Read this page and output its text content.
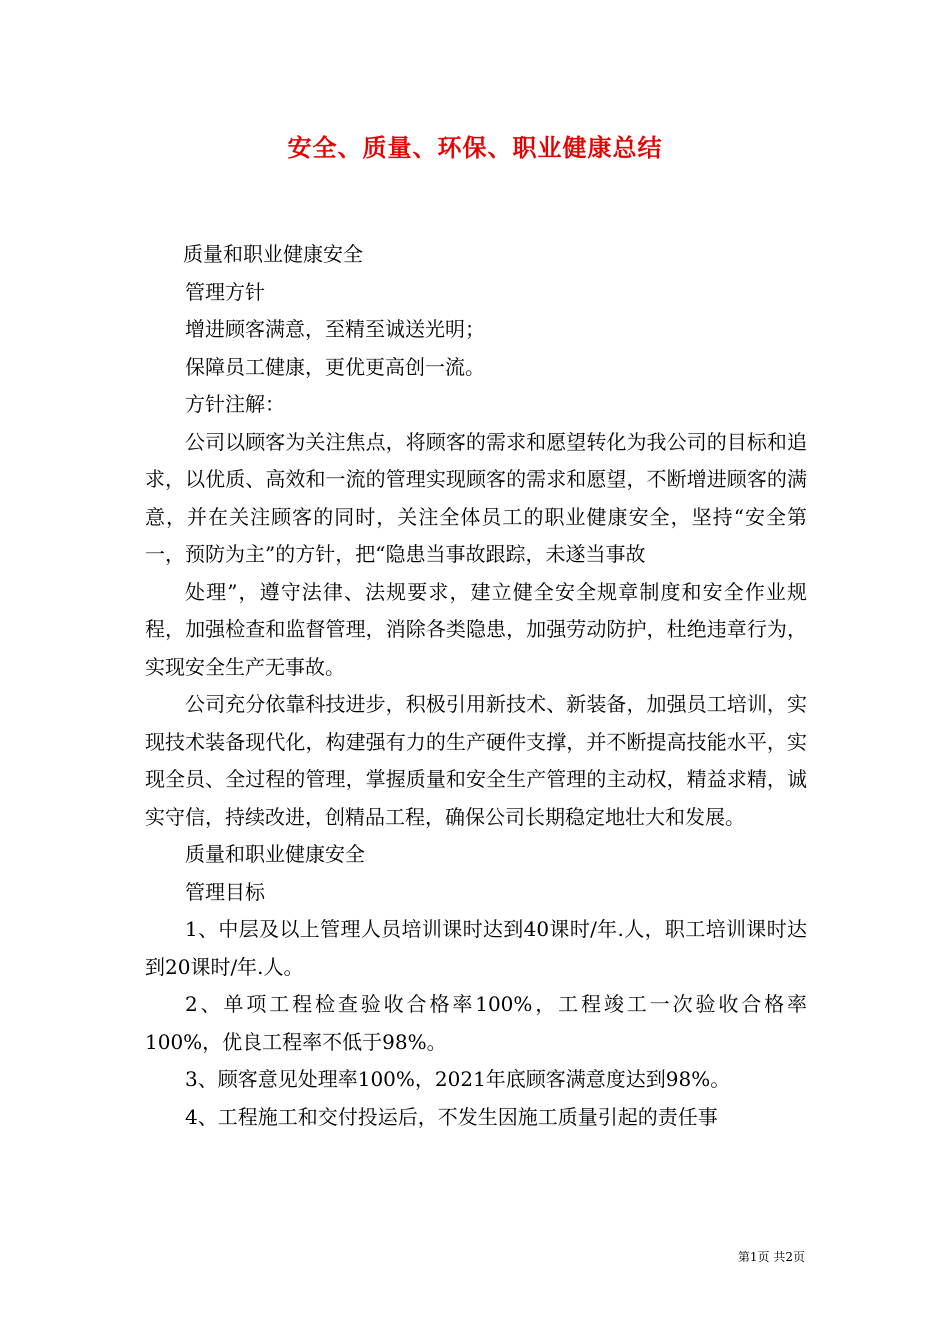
安全、质量、环保、职业健康总结

质量和职业健康安全

管理方针

增进顾客满意，至精至诚送光明；

保障员工健康，更优更高创一流。

方针注解：

公司以顾客为关注焦点，将顾客的需求和愿望转化为我公司的目标和追求，以优质、高效和一流的管理实现顾客的需求和愿望，不断增进顾客的满意，并在关注顾客的同时，关注全体员工的职业健康安全，坚持“安全第一，预防为主”的方针，把“隐患当事故跟踪，未遂当事故

处理”，遵守法律、法规要求，建立健全安全规章制度和安全作业规程，加强检查和监督管理，消除各类隐患，加强劳动防护，杜绝违章行为，实现安全生产无事故。

公司充分依靠科技进步，积极引用新技术、新装备，加强员工培训，实现技术装备现代化，构建强有力的生产硬件支撑，并不断提高技能水平，实现全员、全过程的管理，掌握质量和安全生产管理的主动权，精益求精，诚实守信，持续改进，创精品工程，确保公司长期稳定地壮大和发展。

质量和职业健康安全

管理目标

1、中层及以上管理人员培训课时达到40课时/年.人，职工培训课时达到20课时/年.人。

2、单项工程检查验收合格率100%，工程竣工一次验收合格率100%，优良工程率不低于98%。

3、顾客意见处理率100%，2021年底顾客满意度达到98%。

4、工程施工和交付投运后，不发生因施工质量引起的责任事

第1页 共2页
